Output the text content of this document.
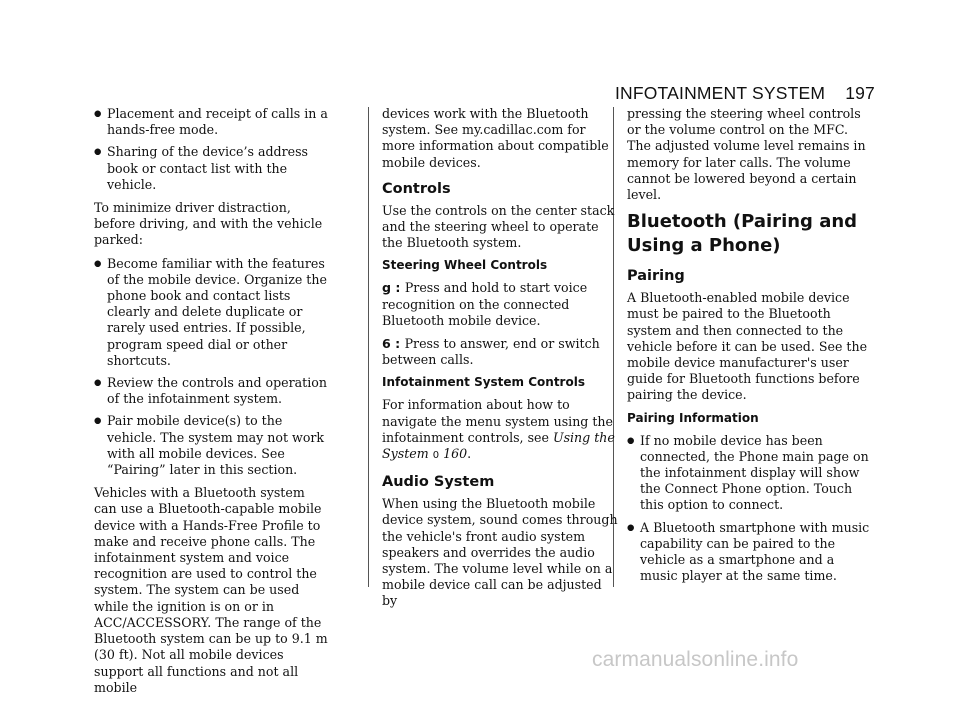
INFOTAINMENT SYSTEM 197
● Placement and receipt of calls in a hands-free mode.
● Sharing of the device’s address book or contact list with the vehicle.

To minimize driver distraction, before driving, and with the vehicle parked:

● Become familiar with the features of the mobile device. Organize the phone book and contact lists clearly and delete duplicate or rarely used entries. If possible, program speed dial or other shortcuts.
● Review the controls and operation of the infotainment system.
● Pair mobile device(s) to the vehicle. The system may not work with all mobile devices. See “Pairing” later in this section.

Vehicles with a Bluetooth system can use a Bluetooth-capable mobile device with a Hands-Free Profile to make and receive phone calls. The infotainment system and voice recognition are used to control the system. The system can be used while the ignition is on or in ACC/ACCESSORY. The range of the Bluetooth system can be up to 9.1 m (30 ft). Not all mobile devices support all functions and not all mobile

devices work with the Bluetooth system. See my.cadillac.com for more information about compatible mobile devices.

Controls

Use the controls on the center stack and the steering wheel to operate the Bluetooth system.

Steering Wheel Controls

g : Press and hold to start voice recognition on the connected Bluetooth mobile device.

6 : Press to answer, end or switch between calls.

Infotainment System Controls

For information about how to navigate the menu system using the infotainment controls, see Using the System 0 160.

Audio System

When using the Bluetooth mobile device system, sound comes through the vehicle's front audio system speakers and overrides the audio system. The volume level while on a mobile device call can be adjusted by

pressing the steering wheel controls or the volume control on the MFC. The adjusted volume level remains in memory for later calls. The volume cannot be lowered beyond a certain level.

Bluetooth (Pairing and Using a Phone)
Pairing

A Bluetooth-enabled mobile device must be paired to the Bluetooth system and then connected to the vehicle before it can be used. See the mobile device manufacturer's user guide for Bluetooth functions before pairing the device.

Pairing Information
● If no mobile device has been connected, the Phone main page on the infotainment display will show the Connect Phone option. Touch this option to connect.
● A Bluetooth smartphone with music capability can be paired to the vehicle as a smartphone and a music player at the same time.
carmanualsonline.info
